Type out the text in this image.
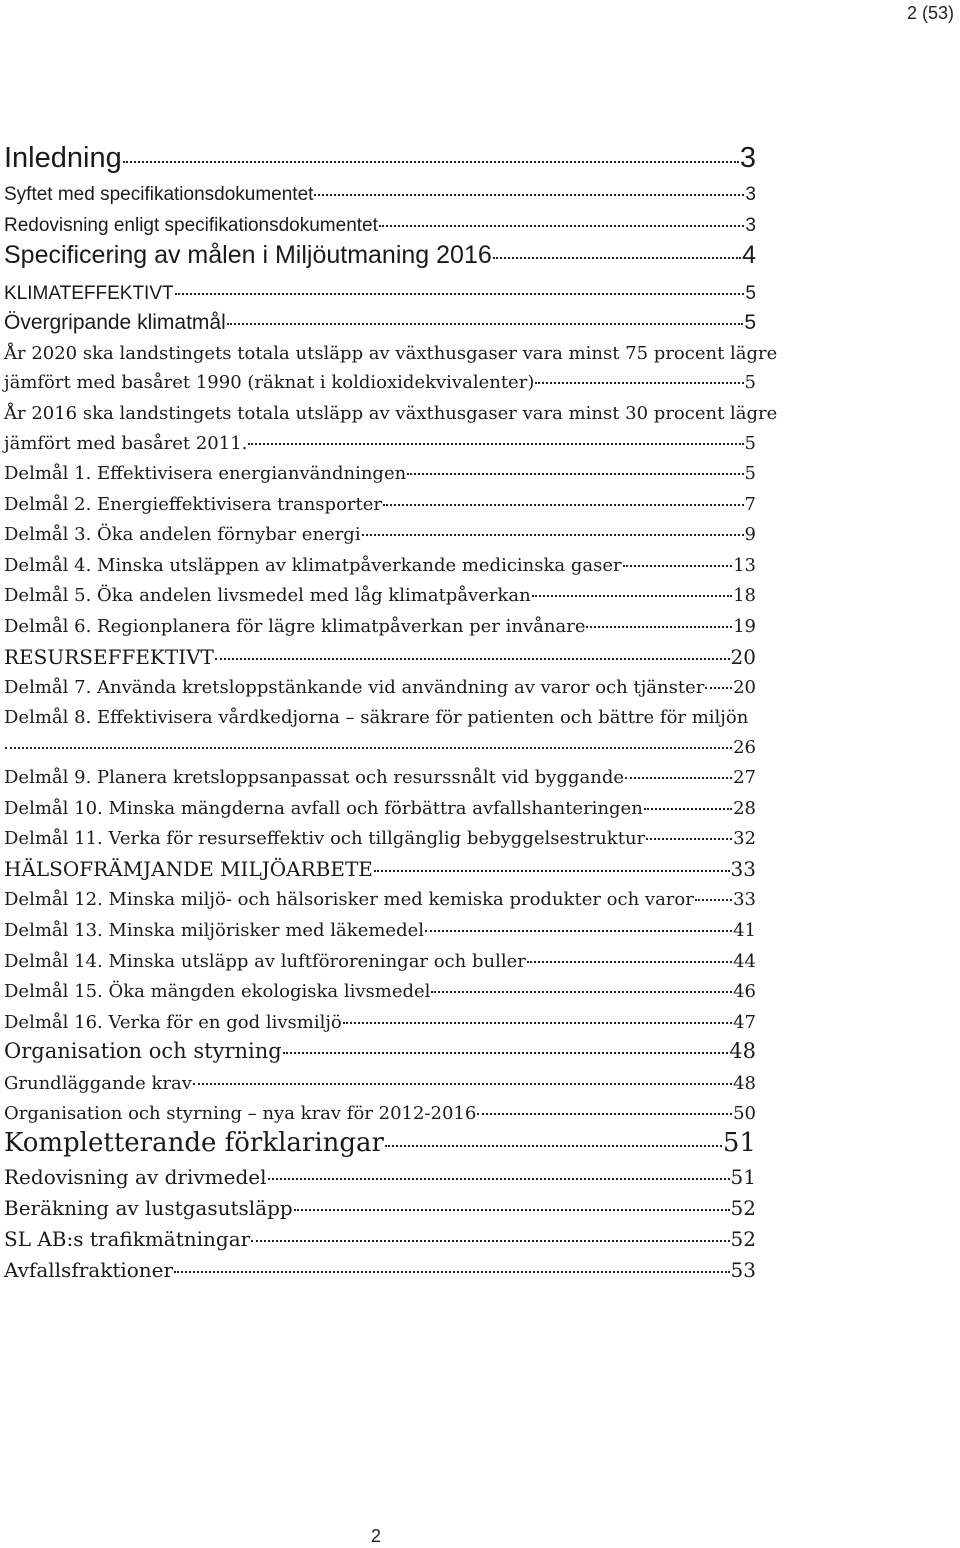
2 (53)
Inledning	3
Syftet med specifikationsdokumentet	3
Redovisning enligt specifikationsdokumentet	3
Specificering av målen i Miljöutmaning 2016	4
KLIMATEFFEKTIVT	5
Övergripande klimatmål	5
År 2020 ska landstingets totala utsläpp av växthusgaser vara minst 75 procent lägre
jämfört med basåret 1990 (räknat i koldioxidekvivalenter)	5
År 2016 ska landstingets totala utsläpp av växthusgaser vara minst 30 procent lägre
jämfört med basåret 2011.	5
Delmål 1. Effektivisera energianvändningen	5
Delmål 2. Energieffektivisera transporter	7
Delmål 3. Öka andelen förnybar energi	9
Delmål 4. Minska utsläppen av klimatpåverkande medicinska gaser	13
Delmål 5. Öka andelen livsmedel med låg klimatpåverkan	18
Delmål 6. Regionplanera för lägre klimatpåverkan per invånare	19
RESURSEFFEKTIVT	20
Delmål 7. Använda kretsloppstänkande vid användning av varor och tjänster 20
Delmål 8. Effektivisera vårdkedjorna – säkrare för patienten och bättre för miljön
26
Delmål 9. Planera kretsloppsanpassat och resurssnålt vid byggande	27
Delmål 10. Minska mängderna avfall och förbättra avfallshanteringen	28
Delmål 11. Verka för resurseffektiv och tillgänglig bebyggelsestruktur	32
HÄLSOFRÄMJANDE MILJÖARBETE	33
Delmål 12. Minska miljö- och hälsorisker med kemiska produkter och varor 33
Delmål 13. Minska miljörisker med läkemedel	41
Delmål 14. Minska utsläpp av luftföroreningar och buller	44
Delmål 15. Öka mängden ekologiska livsmedel	46
Delmål 16. Verka för en god livsmiljö	47
Organisation och styrning	48
Grundläggande krav	48
Organisation och styrning – nya krav för 2012-2016	50
Kompletterande förklaringar	51
Redovisning av drivmedel	51
Beräkning av lustgasutsläpp	52
SL AB:s trafikmätningar	52
Avfallsfraktioner	53
2
